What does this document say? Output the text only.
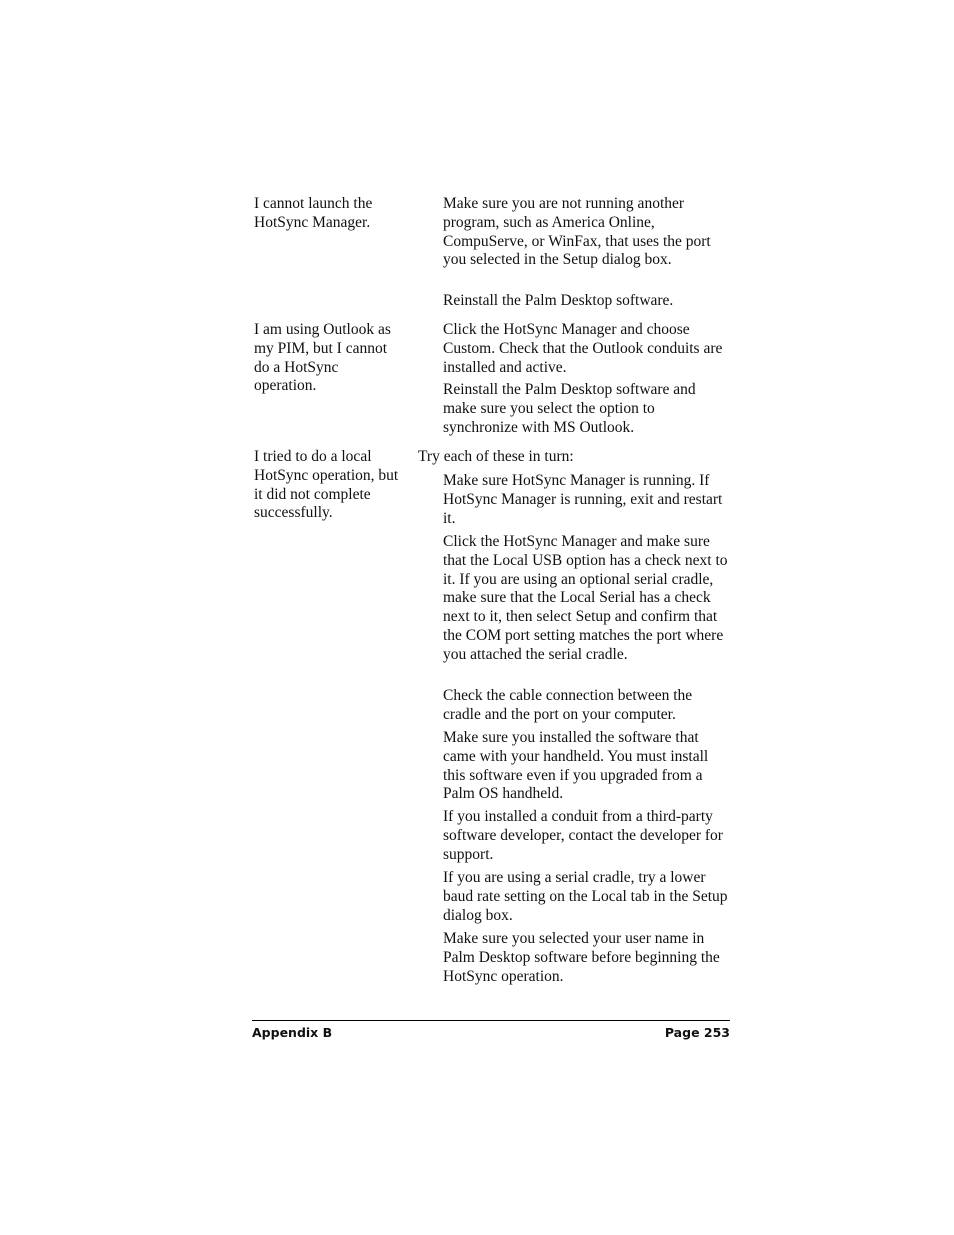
I cannot launch the HotSync Manager.

Make sure you are not running another program, such as America Online, CompuServe, or WinFax, that uses the port you selected in the Setup dialog box.

Reinstall the Palm Desktop software.

I am using Outlook as my PIM, but I cannot do a HotSync operation.

Click the HotSync Manager and choose Custom. Check that the Outlook conduits are installed and active.

Reinstall the Palm Desktop software and make sure you select the option to synchronize with MS Outlook.

I tried to do a local HotSync operation, but it did not complete successfully.

Try each of these in turn:

Make sure HotSync Manager is running. If HotSync Manager is running, exit and restart it.

Click the HotSync Manager and make sure that the Local USB option has a check next to it. If you are using an optional serial cradle, make sure that the Local Serial has a check next to it, then select Setup and confirm that the COM port setting matches the port where you attached the serial cradle.

Check the cable connection between the cradle and the port on your computer.

Make sure you installed the software that came with your handheld. You must install this software even if you upgraded from a Palm OS handheld.

If you installed a conduit from a third-party software developer, contact the developer for support.

If you are using a serial cradle, try a lower baud rate setting on the Local tab in the Setup dialog box.

Make sure you selected your user name in Palm Desktop software before beginning the HotSync operation.

Appendix B	Page 253
